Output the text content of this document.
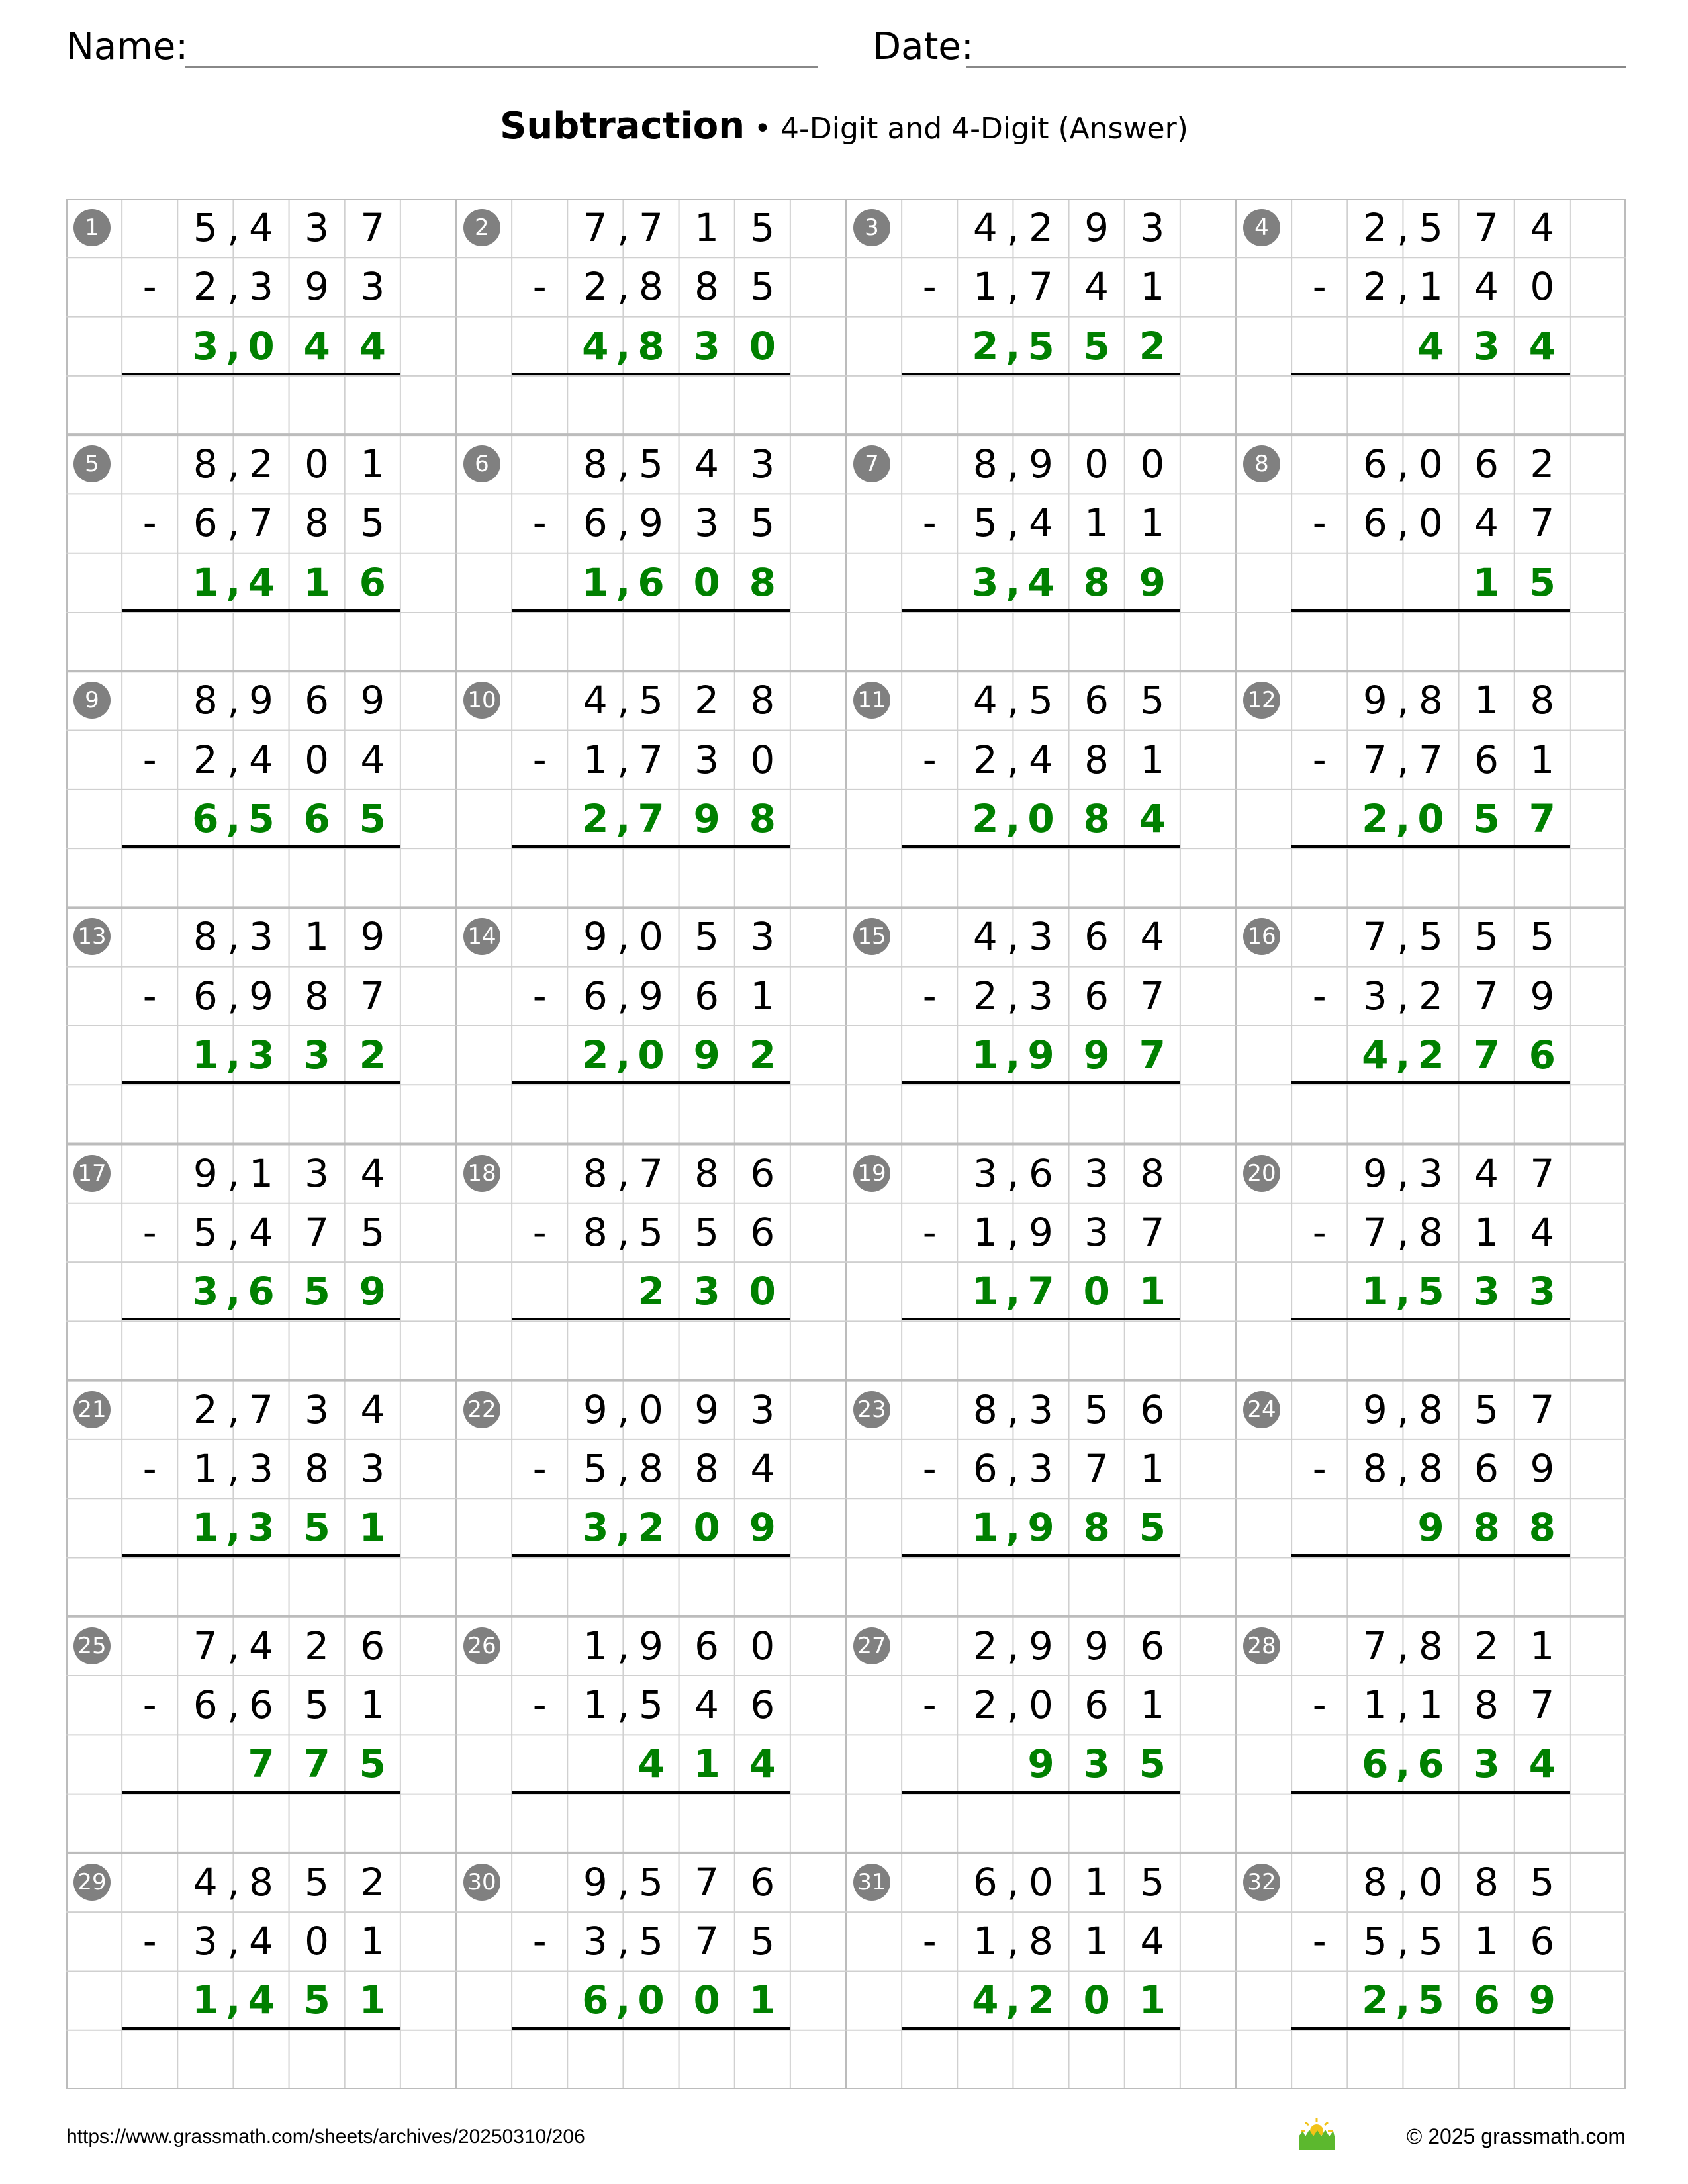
Name:	Date:
Subtraction • 4-Digit and 4-Digit (Answer)
1	5 4 3 7
,
- 2 3 9 3
,
3 0 4 4
,
2	7 7 1 5
,
- 2 8 8 5
,
4 8 3 0
,
3	4 2 9 3
,
- 1 7 4 1
,
2 5 5 2
,
4	2 5 7 4
,
- 2 1 4 0
,
4 3 4
5	8 2 0 1
,
- 6 7 8 5
,
1 4 1 6
,
6	8 5 4 3
,
- 6 9 3 5
,
1 6 0 8
,
7	8 9 0 0
,
- 5 4 1 1
,
3 4 8 9
,
8	6 0 6 2
,
- 6 0 4 7
,
1 5
9	8 9 6 9
,
- 2 4 0 4
,
6 5 6 5
,
10	4 5 2 8
,
- 1 7 3 0
,
2 7 9 8
,
11	4 5 6 5
,
- 2 4 8 1
,
2 0 8 4
,
12	9 8 1 8
,
- 7 7 6 1
,
2 0 5 7
,
13	8 3 1 9
,
- 6 9 8 7
,
1 3 3 2
,
14	9 0 5 3
,
- 6 9 6 1
,
2 0 9 2
,
15	4 3 6 4
,
- 2 3 6 7
,
1 9 9 7
,
16	7 5 5 5
,
- 3 2 7 9
,
4 2 7 6
,
17	9 1 3 4
,
- 5 4 7 5
,
3 6 5 9
,
18	8 7 8 6
,
- 8 5 5 6
,
2 3 0
19	3 6 3 8
,
- 1 9 3 7
,
1 7 0 1
,
20	9 3 4 7
,
- 7 8 1 4
,
1 5 3 3
,
21	2 7 3 4
,
- 1 3 8 3
,
1 3 5 1
,
22	9 0 9 3
,
- 5 8 8 4
,
3 2 0 9
,
23	8 3 5 6
,
- 6 3 7 1
,
1 9 8 5
,
24	9 8 5 7
,
- 8 8 6 9
,
9 8 8
25	7 4 2 6
,
- 6 6 5 1
,
7 7 5
26	1 9 6 0
,
- 1 5 4 6
,
4 1 4
27	2 9 9 6
,
- 2 0 6 1
,
9 3 5
28	7 8 2 1
,
- 1 1 8 7
,
6 6 3 4
,
29	4 8 5 2
,
- 3 4 0 1
,
1 4 5 1
,
30	9 5 7 6
,
- 3 5 7 5
,
6 0 0 1
,
31	6 0 1 5
,
- 1 8 1 4
,
4 2 0 1
,
32	8 0 8 5
,
- 5 5 1 6
,
2 5 6 9
,
https://www.grassmath.com/sheets/archives/20250310/206	© 2025 grassmath.com
